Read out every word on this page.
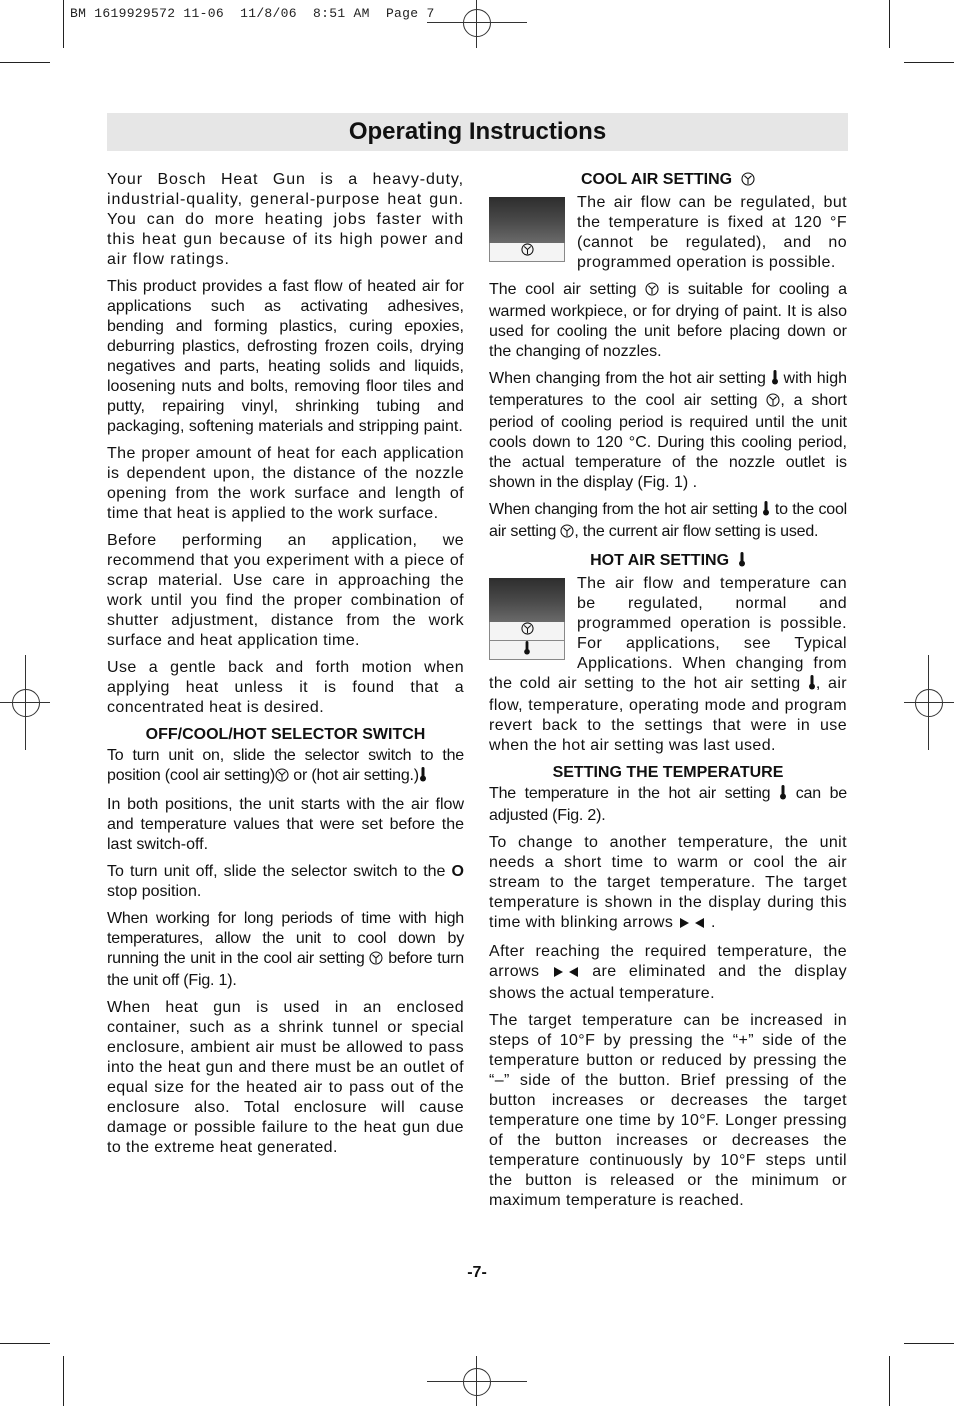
BM 1619929572 11-06  11/8/06  8:51 AM  Page 7
Operating Instructions

Your Bosch Heat Gun is a heavy-duty, industrial-quality, general-purpose heat gun. You can do more heating jobs faster with this heat gun because of its high power and air flow ratings.

This product provides a fast flow of heated air for applications such as activating adhesives, bending and forming plastics, curing epoxies, deburring plastics, defrosting frozen coils, drying negatives and parts, heating solids and liquids, loosening nuts and bolts, removing floor tiles and putty, repairing vinyl, shrinking tubing and packaging, softening materials and stripping paint.

The proper amount of heat for each application is dependent upon, the distance of the nozzle opening from the work surface and length of time that heat is applied to the work surface.

Before performing an application, we recommend that you experiment with a piece of scrap material. Use care in approaching the work until you find the proper combination of shutter adjustment, distance from the work surface and heat application time.

Use a gentle back and forth motion when applying heat unless it is found that a concentrated heat is desired.

OFF/COOL/HOT SELECTOR SWITCH

To turn unit on, slide the selector switch to the position (cool air setting) or (hot air setting.)

In both positions, the unit starts with the air flow and temperature values that were set before the last switch-off.

To turn unit off, slide the selector switch to the O stop position.

When working for long periods of time with high temperatures, allow the unit to cool down by running the unit in the cool air setting  before turn the unit off (Fig. 1).

When heat gun is used in an enclosed container, such as a shrink tunnel or special enclosure, ambient air must be allowed to pass into the heat gun and there must be an outlet of equal size for the heated air to pass out of the enclosure also. Total enclosure will cause damage or possible failure to the heat gun due to the extreme heat generated.

COOL AIR SETTING

The air flow can be regulated, but the temperature is fixed at 120 °F (cannot be regulated), and no programmed operation is possible.

The cool air setting  is suitable for cooling a warmed workpiece, or for drying of paint. It is also used for cooling the unit before placing down or the changing of nozzles.

When changing from the hot air setting  with high temperatures to the cool air setting , a short period of cooling period is required until the unit cools down to 120 °C. During this cooling period, the actual temperature of the nozzle outlet is shown in the display (Fig. 1) .

When changing from the hot air setting  to the cool air setting , the current air flow setting is used.

HOT AIR SETTING

The air flow and temperature can be regulated, normal and programmed operation is possible. For applications, see Typical Applications. When changing from the cold air setting to the hot air setting , air flow, temperature, operating mode and program revert back to the settings that were in use when the hot air setting was last used.

SETTING THE TEMPERATURE

The temperature in the hot air setting  can be adjusted (Fig. 2).

To change to another temperature, the unit needs a short time to warm or cool the air stream to the target temperature. The target temperature is shown in the display during this time with blinking arrows  .

After reaching the required temperature, the arrows  are eliminated and the display shows the actual temperature.

The target temperature can be increased in steps of 10°F by pressing the “+” side of the temperature button or reduced by pressing the “–” side of the button. Brief pressing of the button increases or decreases the target temperature one time by 10°F. Longer pressing of the button increases or decreases the temperature continuously by 10°F steps until the button is released or the minimum or maximum temperature is reached.

-7-
